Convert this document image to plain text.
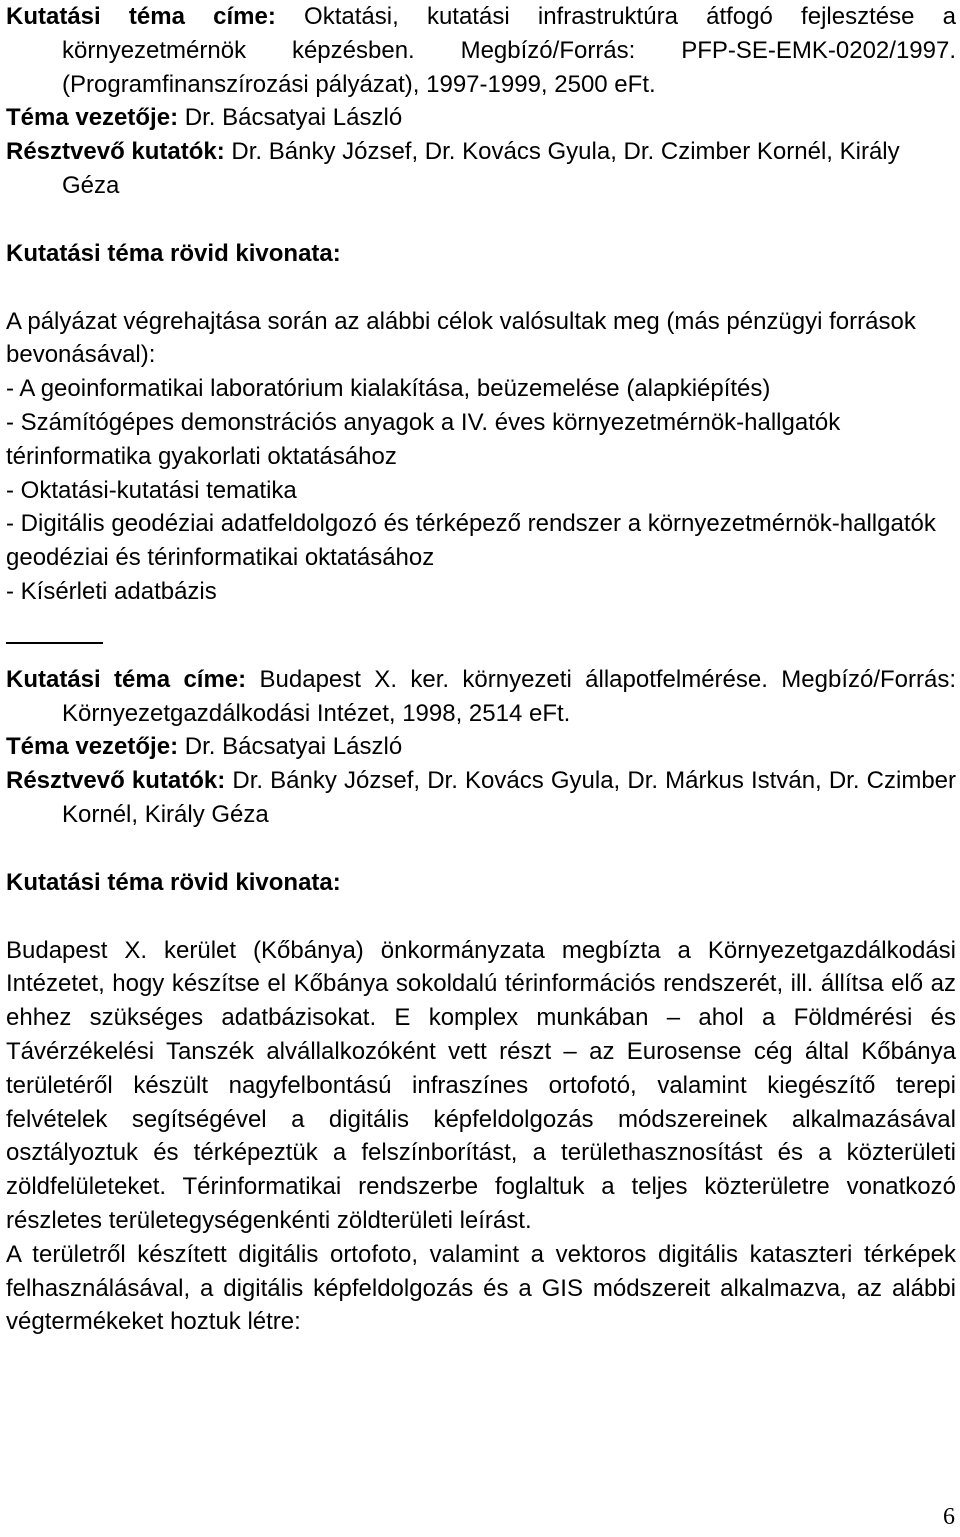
Kutatási téma címe: Oktatási, kutatási infrastruktúra átfogó fejlesztése a környezetmérnök képzésben. Megbízó/Forrás: PFP-SE-EMK-0202/1997. (Programfinanszírozási pályázat), 1997-1999, 2500 eFt.

Téma vezetője: Dr. Bácsatyai László

Résztvevő kutatók: Dr. Bánky József, Dr. Kovács Gyula, Dr. Czimber Kornél, Király Géza

Kutatási téma rövid kivonata:

A pályázat végrehajtása során az alábbi célok valósultak meg (más pénzügyi források bevonásával):

- A geoinformatikai laboratórium kialakítása, beüzemelése (alapkiépítés)

- Számítógépes demonstrációs anyagok a IV. éves környezetmérnök-hallgatók térinformatika gyakorlati oktatásához

- Oktatási-kutatási tematika

- Digitális geodéziai adatfeldolgozó és térképező rendszer a környezetmérnök-hallgatók geodéziai és térinformatikai oktatásához

- Kísérleti adatbázis

Kutatási téma címe: Budapest X. ker. környezeti állapotfelmérése. Megbízó/Forrás: Környezetgazdálkodási Intézet, 1998, 2514 eFt.

Téma vezetője: Dr. Bácsatyai László

Résztvevő kutatók: Dr. Bánky József, Dr. Kovács Gyula, Dr. Márkus István, Dr. Czimber Kornél, Király Géza

Kutatási téma rövid kivonata:

Budapest X. kerület (Kőbánya) önkormányzata megbízta a Környezetgazdálkodási Intézetet, hogy készítse el Kőbánya sokoldalú térinformációs rendszerét, ill. állítsa elő az ehhez szükséges adatbázisokat. E komplex munkában – ahol a Földmérési és Távérzékelési Tanszék alvállalkozóként vett részt – az Eurosense cég által Kőbánya területéről készült nagyfelbontású infraszínes ortofotó, valamint kiegészítő terepi felvételek segítségével a digitális képfeldolgozás módszereinek alkalmazásával osztályoztuk és térképeztük a felszínborítást, a területhasznosítást és a közterületi zöldfelületeket. Térinformatikai rendszerbe foglaltuk a teljes közterületre vonatkozó részletes területegységenkénti zöldterületi leírást.

A területről készített digitális ortofoto, valamint a vektoros digitális kataszteri térképek felhasználásával, a digitális képfeldolgozás és a GIS módszereit alkalmazva, az alábbi végtermékeket hoztuk létre:

6
